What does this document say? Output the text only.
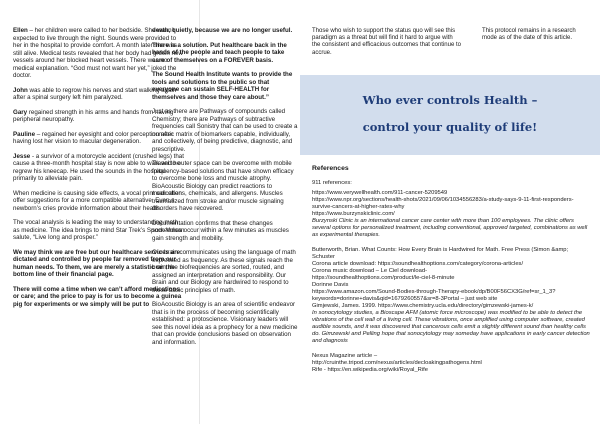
Ellen – her children were called to her bedside. She wasn't expected to live through the night. Sounds were provided to her in the hospital to provide comfort. A month later she was still alive. Medical tests revealed that her body had grown new vessels around her blocked heart vessels. There was no medical explanation. “God must not want her yet,” joked the doctor.

John was able to regrow his nerves and start walking again after a spinal surgery left him paralyzed.

Gary regained strength in his arms and hands from having peripheral neuropathy.

Pauline – regained her eyesight and color perception after having lost her vision to macular degeneration.

Jesse - a survivor of a motorcycle accident (crushed legs) that cause a three-month hospital stay is now able to walk and he regrew his kneecap. He used the sounds in the hospital primarily to alleviate pain.

When medicine is causing side effects, a vocal print can often offer suggestions for a more compatible alternative. Even a newborn’s cries provide information about their health.

The vocal analysis is leading the way to understanding math as medicine. The idea brings to mind Star Trek’s Spock Vulcan salute, “Live long and prosper.”

We may think we are free but our healthcare services are dictated and controlled by people far removed from our human needs. To them, we are merely a statistic on the bottom line of their financial page.

There will come a time when we can’t afford medications or care; and the price to pay is for us to become a guinea pig for experiments or we simply will be put to

death, quietly, because we are no longer useful.

There is a solution. Put healthcare back in the hands of the people and teach people to take care of themselves on a FOREVER basis.

The Sound Health Institute wants to provide the tools and solutions to the public so that everyone can sustain SELF-HEALTH for themselves and those they care about.”

Just as there are Pathways of compounds called Chemistry; there are Pathways of subtractive frequencies call Sonistry that can be used to create a numeric matrix of biomarkers capable, individually, and collectively, of being predictive, diagnostic, and prescriptive.

Travel to outer space can be overcome with mobile frequency-based solutions that have shown efficacy to overcome bone loss and muscle atrophy. BioAcoustic Biology can predict reactions to medications, chemicals, and allergens. Muscles traumatized from stroke and/or muscle signaling disorders have recovered.

Documentation confirms that these changes sometimes occur within a few minutes as muscles gain strength and mobility.

Our brain communicates using the language of math expressed as frequency. As these signals reach the brain, the biofrequencies are sorted, routed, and assigned an interpretation and responsibility. Our Brain and our Biology are hardwired to respond to these basic principles of math.

BioAcoustic Biology is an area of scientific endeavor that is in the process of becoming scientifically established: a protoscience. Visionary leaders will see this novel idea as a prophecy for a new medicine that can provide conclusions based on observation and information.

Those who wish to support the status quo will see this paradigm as a threat but will find it hard to argue with the consistent and efficacious outcomes that continue to accrue.
This protocol remains in a research mode as of the date of this article.
Who ever controls Health –
control your quality of life!
References

911 references:

https://www.verywellhealth.com/911-cancer-5209549

https://www.npr.org/sections/health-shots/2021/09/06/1034556283/a-study-says-9-11-first-responders-survive-cancers-at-higher-rates-why

https://www.burzynskiclinic.com/

Burzynski Clinic is an international cancer care center with more than 100 employees. The clinic offers several options for personalized treatment, including conventional, approved targeted, combinations as well as experimental therapies.

Butterworth, Brian. What Counts: How Every Brain is Hardwired for Math. Free Press (Simon &amp; Schuster

Corona article download: https://soundhealthoptions.com/category/corona-articles/

Corona music download – Le Ciel download-

https://soundhealthoptions.com/product/le-ciel-8-minute

Dorinne Davis

https://www.amazon.com/Sound-Bodies-through-Therapy-ebook/dp/B00F56CX3G/ref=sr_1_3?keywords=dorinne+davis&qid=1679260557&sr=8-3Portal – just web site

Gimjewski, James. 1999. https://www.chemistry.ucla.edu/directory/gimzewski-james-k/

In sonocytology studies, a Bioscape AFM (atomic force microscope) was modified to be able to detect the vibrations of the cell wall of a living cell. These vibrations, once amplified using computer software, created audible sounds, and it was discovered that cancerous cells emit a slightly different sound than healthy cells do. Gimzewski and Pelling hope that sonocytology may someday have applications in early cancer detection and diagnosis

Nexus Magazine article –

http://cruinthe.tripod.com/nexus/articles/decloakingpathogens.html

Rife - https://en.wikipedia.org/wiki/Royal_Rife
